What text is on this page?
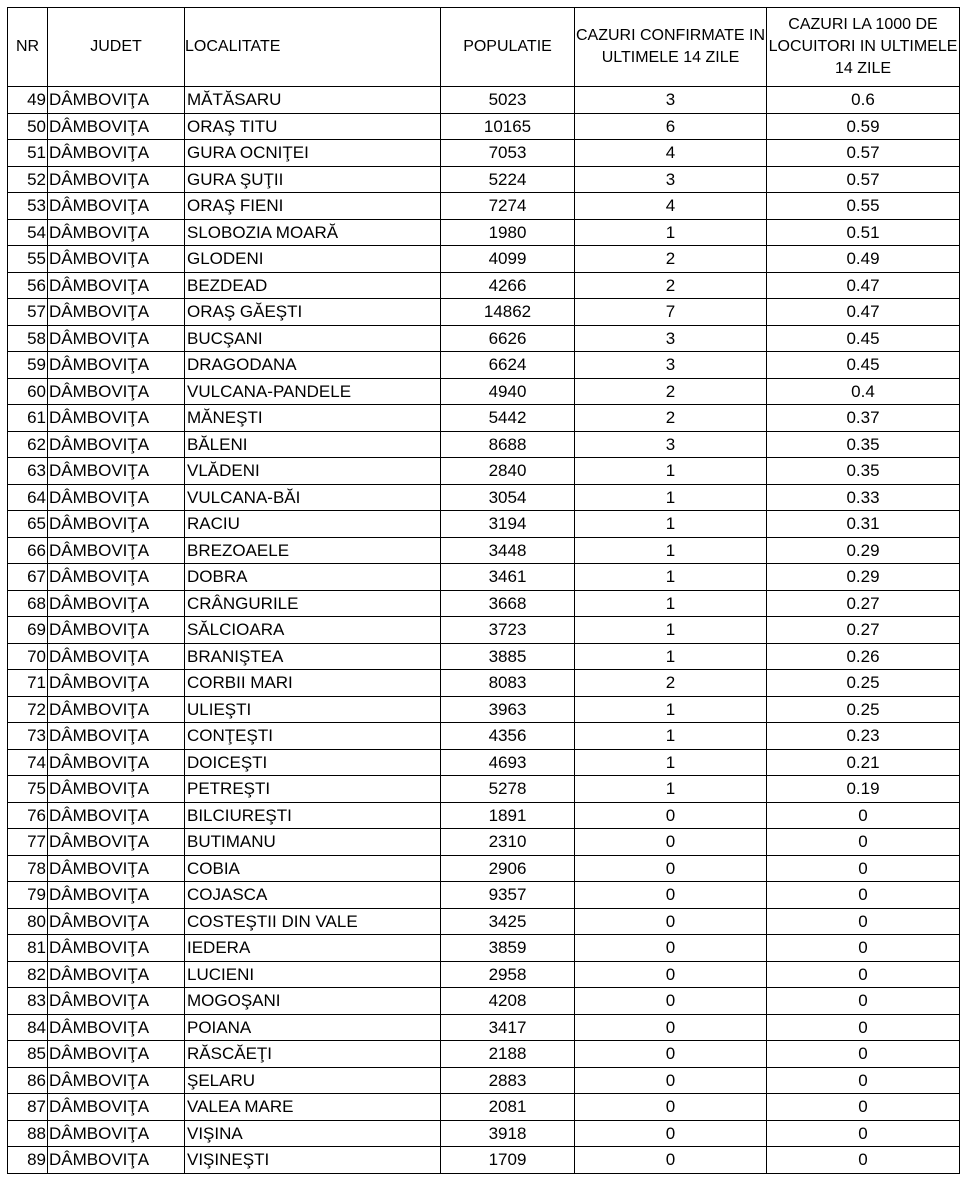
NR	JUDET	LOCALITATE	POPULATIE	CAZURI CONFIRMATE IN ULTIMELE 14 ZILE	CAZURI LA 1000 DE LOCUITORI IN ULTIMELE 14 ZILE
49	DÂMBOVIŢA	MĂTĂSARU	5023	3	0.6
50	DÂMBOVIŢA	ORAŞ TITU	10165	6	0.59
51	DÂMBOVIŢA	GURA OCNIŢEI	7053	4	0.57
52	DÂMBOVIŢA	GURA ŞUŢII	5224	3	0.57
53	DÂMBOVIŢA	ORAŞ FIENI	7274	4	0.55
54	DÂMBOVIŢA	SLOBOZIA MOARĂ	1980	1	0.51
55	DÂMBOVIŢA	GLODENI	4099	2	0.49
56	DÂMBOVIŢA	BEZDEAD	4266	2	0.47
57	DÂMBOVIŢA	ORAŞ GĂEŞTI	14862	7	0.47
58	DÂMBOVIŢA	BUCŞANI	6626	3	0.45
59	DÂMBOVIŢA	DRAGODANA	6624	3	0.45
60	DÂMBOVIŢA	VULCANA-PANDELE	4940	2	0.4
61	DÂMBOVIŢA	MĂNEŞTI	5442	2	0.37
62	DÂMBOVIŢA	BĂLENI	8688	3	0.35
63	DÂMBOVIŢA	VLĂDENI	2840	1	0.35
64	DÂMBOVIŢA	VULCANA-BĂI	3054	1	0.33
65	DÂMBOVIŢA	RACIU	3194	1	0.31
66	DÂMBOVIŢA	BREZOAELE	3448	1	0.29
67	DÂMBOVIŢA	DOBRA	3461	1	0.29
68	DÂMBOVIŢA	CRÂNGURILE	3668	1	0.27
69	DÂMBOVIŢA	SĂLCIOARA	3723	1	0.27
70	DÂMBOVIŢA	BRANIŞTEA	3885	1	0.26
71	DÂMBOVIŢA	CORBII MARI	8083	2	0.25
72	DÂMBOVIŢA	ULIEŞTI	3963	1	0.25
73	DÂMBOVIŢA	CONŢEŞTI	4356	1	0.23
74	DÂMBOVIŢA	DOICEŞTI	4693	1	0.21
75	DÂMBOVIŢA	PETREŞTI	5278	1	0.19
76	DÂMBOVIŢA	BILCIUREŞTI	1891	0	0
77	DÂMBOVIŢA	BUTIMANU	2310	0	0
78	DÂMBOVIŢA	COBIA	2906	0	0
79	DÂMBOVIŢA	COJASCA	9357	0	0
80	DÂMBOVIŢA	COSTEŞTII DIN VALE	3425	0	0
81	DÂMBOVIŢA	IEDERA	3859	0	0
82	DÂMBOVIŢA	LUCIENI	2958	0	0
83	DÂMBOVIŢA	MOGOŞANI	4208	0	0
84	DÂMBOVIŢA	POIANA	3417	0	0
85	DÂMBOVIŢA	RĂSCĂEŢI	2188	0	0
86	DÂMBOVIŢA	ŞELARU	2883	0	0
87	DÂMBOVIŢA	VALEA MARE	2081	0	0
88	DÂMBOVIŢA	VIŞINA	3918	0	0
89	DÂMBOVIŢA	VIŞINEŞTI	1709	0	0
